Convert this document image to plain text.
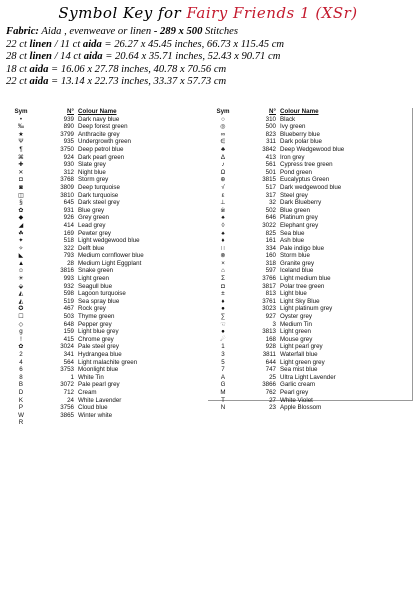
Symbol Key for Fairy Friends 1 (XSr)
Fabric: Aida , evenweave or linen - 289 x 500 Stitches
22 ct linen / 11 ct aida = 26.27 x 45.45 inches, 66.73 x 115.45 cm
28 ct linen / 14 ct aida = 20.64 x 35.71 inches, 52.43 x 90.71 cm
18 ct aida = 16.06 x 27.78 inches, 40.78 x 70.56 cm
22 ct aida = 13.14 x 22.73 inches, 33.37 x 57.73 cm
Sym	N° Colour Name
•	939 Dark navy blue
‰	890 Deep forest green
★	3799 Anthracite grey
Ψ	935 Undergrowth green
¶	3750 Deep petrol blue
⌘	924 Dark pearl green
✚	930 Slate grey
✕	312 Night blue
◘	3768 Storm grey
◙	3809 Deep turquoise
◫	3810 Dark turquoise
§	645 Dark steel grey
✿	931 Blue grey
◆	926 Grey green
◢	414 Lead grey
☘	169 Pewter grey
✦	518 Light wedgewood blue
✧	322 Delft blue
◣	793 Medium cornflower blue
▲	28 Medium Light Eggplant
☺	3816 Snake green
☀	993 Light green
⬙	932 Seagull blue
◭	598 Lagoon turquoise
◭	519 Sea spray blue
✪	467 Rock grey
☐	503 Thyme green
◇	648 Pepper grey
g	159 Light blue grey
!	415 Chrome grey
✿	3024 Pale steel grey
2	341 Hydrangea blue
4	564 Light malachite green
6	3753 Moonlight blue
8	1 White Tin
B	3072 Pale pearl grey
D	712 Cream
K	24 White Lavender
P	3756 Cloud blue
W	3865 Winter white
R
Sym	N° Colour Name
○	310 Black
◎	500 Ivy green
∞	823 Blueberry blue
∈	311 Dark polar blue
♣	3842 Deep Wedgewood blue
Δ	413 Iron grey
♪	561 Cypress tree green
Ω	501 Pond green
⊕	3815 Eucalyptus Green
√	517 Dark wedgewood blue
ε	317 Steel grey
⊥	32 Dark Blueberry
※	502 Blue green
♠	646 Platinum grey
◊	3022 Elephant grey
♠	825 Sea blue
♦	161 Ash blue
∷	334 Pale indigo blue
⊗	160 Storm blue
×	318 Granite grey
⌂	597 Iceland blue
Σ	3766 Light medium blue
◘	3817 Polar tree green
±	813 Light blue
♦	3761 Light Sky Blue
●	3023 Light platinum grey
∑	927 Oyster grey
☜	3 Medium Tin
●	3813 Light green
☄	168 Mouse grey
1	928 Light pearl grey
3	3811 Waterfall blue
5	644 Light green grey
7	747 Sea mist blue
A	25 Ultra Light Lavender
G	3866 Garlic cream
M	762 Pearl grey
T	27 White Violet
N	23 Apple Blossom
